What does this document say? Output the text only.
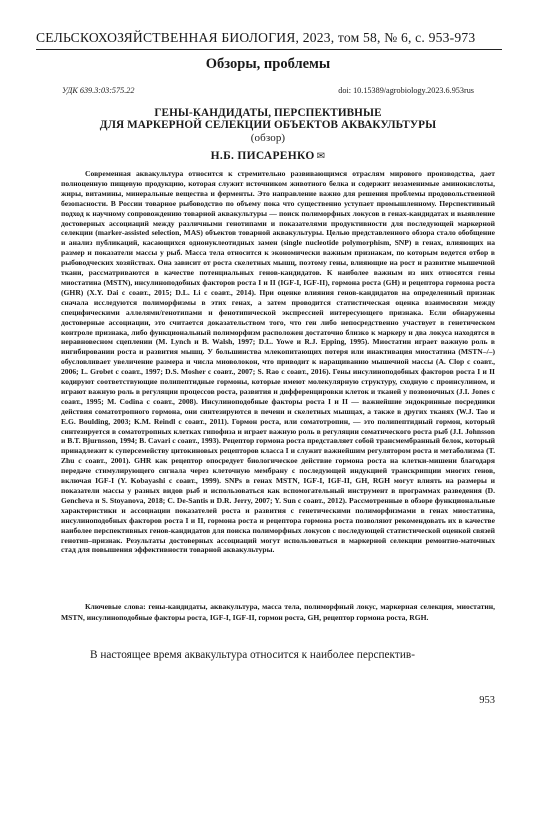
СЕЛЬСКОХОЗЯЙСТВЕННАЯ БИОЛОГИЯ, 2023, том 58, № 6, с. 953-973
Обзоры, проблемы
УДК 639.3:03:575.22	doi: 10.15389/agrobiology.2023.6.953rus
ГЕНЫ-КАНДИДАТЫ, ПЕРСПЕКТИВНЫЕ
ДЛЯ МАРКЕРНОЙ СЕЛЕКЦИИ ОБЪЕКТОВ АКВАКУЛЬТУРЫ
(обзор)
Н.Б. ПИСАРЕНКО ✉

Современная аквакультура относится к стремительно развивающимся отраслям мирового производства, дает полноценную пищевую продукцию, которая служит источником животного белка и содержит незаменимые аминокислоты, жиры, витамины, минеральные вещества и ферменты. Это направление важно для решения проблемы продовольственной безопасности. В России товарное рыбоводство по объему пока что существенно уступает промышленному. Перспективный подход к научному сопровождению товарной аквакультуры — поиск полиморфных локусов в генах-кандидатах и выявление достоверных ассоциаций между различными генотипами и показателями продуктивности для последующей маркерной селекции (marker-assisted selection, MAS) объектов товарной аквакультуры. Целью представленного обзора стало обобщение и анализ публикаций, касающихся однонуклеотидных замен (single nucleotide polymorphism, SNP) в генах, влияющих на размер и показатели массы у рыб. Масса тела относится к экономически важным признакам, по которым ведется отбор в рыбоводческих хозяйствах. Она зависит от роста скелетных мышц, поэтому гены, влияющие на рост и развитие мышечной ткани, рассматриваются в качестве потенциальных генов-кандидатов. К наиболее важным из них относятся гены миостатина (MSTN), инсулиноподобных факторов роста I и II (IGF-I, IGF-II), гормона роста (GH) и рецептора гормона роста (GHR) (X.Y. Dai с соавт., 2015; D.L. Li с соавт., 2014). При оценке влияния генов-кандидатов на определенный признак сначала исследуются полиморфизмы в этих генах, а затем проводится статистическая оценка взаимосвязи между специфическими аллелями/генотипами и фенотипической экспрессией интересующего признака. Если обнаружены достоверные ассоциации, это считается доказательством того, что ген либо непосредственно участвует в генетическом контроле признака, либо функциональный полиморфизм расположен достаточно близко к маркеру и два локуса находятся в неравновесном сцеплении (M. Lynch и B. Walsh, 1997; D.L. Yowe и R.J. Epping, 1995). Миостатин играет важную роль в ингибировании роста и развития мышц. У большинства млекопитающих потеря или инактивация миостатина (MSTN–/–) обусловливает увеличение размера и числа миоволокон, что приводит к наращиванию мышечной массы (A. Clop с соавт., 2006; L. Grobet с соавт., 1997; D.S. Mosher с соавт., 2007; S. Rao с соавт., 2016). Гены инсулиноподобных факторов роста I и II кодируют соответствующие полипептидные гормоны, которые имеют молекулярную структуру, сходную с проинсулином, и играют важную роль в регуляции процессов роста, развития и дифференцировки клеток и тканей у позвоночных (J.I. Jones с соавт., 1995; M. Codina с соавт., 2008). Инсулиноподобные факторы роста I и II — важнейшие эндокринные посредники действия соматотропного гормона, они синтезируются в печени и скелетных мышцах, а также в других тканях (W.J. Tao и E.G. Boulding, 2003; K.M. Reindl с соавт., 2011). Гормон роста, или соматотропин, — это полипептидный гормон, который синтезируется в соматотропных клетках гипофиза и играет важную роль в регуляции соматического роста рыб (J.I. Johnsson и B.T. Bjurnsson, 1994; B. Cavari с соавт., 1993). Рецептор гормона роста представляет собой трансмембранный белок, который принадлежит к суперсемейству цитокиновых рецепторов класса I и служит важнейшим регулятором роста и метаболизма (T. Zhu с соавт., 2001). GHR как рецептор опосредует биологическое действие гормона роста на клетки-мишени благодаря передаче стимулирующего сигнала через клеточную мембрану с последующей индукцией транскрипции многих генов, включая IGF-I (Y. Kobayashi с соавт., 1999). SNPs в генах MSTN, IGF-I, IGF-II, GH, RGH могут влиять на размеры и показатели массы у разных видов рыб и использоваться как вспомогательный инструмент в программах разведения (D. Gencheva и S. Stoyanova, 2018; C. De-Santis и D.R. Jerry, 2007; Y. Sun с соавт., 2012). Рассмотренные в обзоре функциональные характеристики и ассоциации показателей роста и развития с генетическими полиморфизмами в генах миостатина, инсулиноподобных факторов роста I и II, гормона роста и рецептора гормона роста позволяют рекомендовать их в качестве наиболее перспективных генов-кандидатов для поиска полиморфных локусов с последующей статистической оценкой связей генотип–признак. Результаты достоверных ассоциаций могут использоваться в маркерной селекции ремонтно-маточных стад для повышения эффективности товарной аквакультуры.

Ключевые слова: гены-кандидаты, аквакультура, масса тела, полиморфный локус, маркерная селекция, миостатин, MSTN, инсулиноподобные факторы роста, IGF-I, IGF-II, гормон роста, GH, рецептор гормона роста, RGH.

В настоящее время аквакультура относится к наиболее перспектив-

953
